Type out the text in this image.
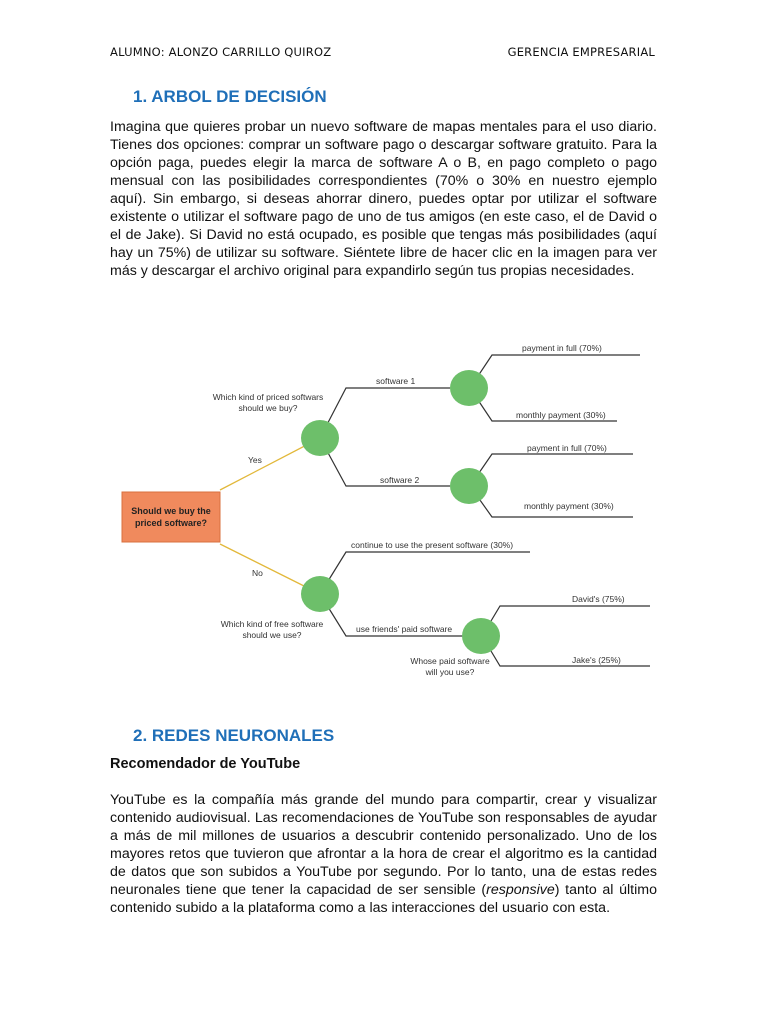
ALUMNO: ALONZO CARRILLO QUIROZ	GERENCIA EMPRESARIAL
1. ARBOL DE DECISIÓN

Imagina que quieres probar un nuevo software de mapas mentales para el uso diario. Tienes dos opciones: comprar un software pago o descargar software gratuito. Para la opción paga, puedes elegir la marca de software A o B, en pago completo o pago mensual con las posibilidades correspondientes (70% o 30% en nuestro ejemplo aquí). Sin embargo, si deseas ahorrar dinero, puedes optar por utilizar el software existente o utilizar el software pago de uno de tus amigos (en este caso, el de David o el de Jake). Si David no está ocupado, es posible que tengas más posibilidades (aquí hay un 75%) de utilizar su software. Siéntete libre de hacer clic en la imagen para ver más y descargar el archivo original para expandirlo según tus propias necesidades.

Should we buy the
priced software?
Which kind of priced softwars
should we buy?
Yes
No
software 1
software 2
payment in full (70%)
monthly payment (30%)
payment in full (70%)
monthly payment (30%)
continue to use the present software (30%)
use friends' paid software
Which kind of free software
should we use?
Whose paid software
will you use?
David's (75%)
Jake's (25%)
2. REDES NEURONALES

Recomendador de YouTube

YouTube es la compañía más grande del mundo para compartir, crear y visualizar contenido audiovisual. Las recomendaciones de YouTube son responsables de ayudar a más de mil millones de usuarios a descubrir contenido personalizado. Uno de los mayores retos que tuvieron que afrontar a la hora de crear el algoritmo es la cantidad de datos que son subidos a YouTube por segundo. Por lo tanto, una de estas redes neuronales tiene que tener la capacidad de ser sensible (responsive) tanto al último contenido subido a la plataforma como a las interacciones del usuario con esta.
